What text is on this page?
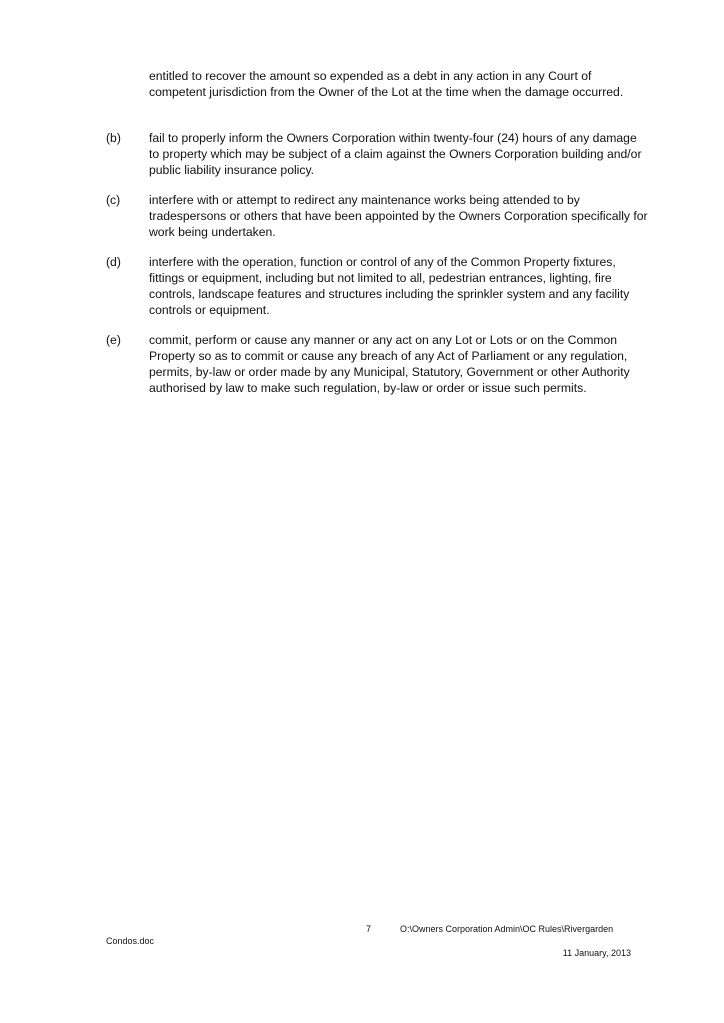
entitled to recover the amount so expended as a debt in any action in any Court of competent jurisdiction from the Owner of the Lot at the time when the damage occurred.

(b)	fail to properly inform the Owners Corporation within twenty-four (24) hours of any damage to property which may be subject of a claim against the Owners Corporation building and/or public liability insurance policy.
(c)	interfere with or attempt to redirect any maintenance works being attended to by tradespersons or others that have been appointed by the Owners Corporation specifically for work being undertaken.
(d)	interfere with the operation, function or control of any of the Common Property fixtures, fittings or equipment, including but not limited to all, pedestrian entrances, lighting, fire controls, landscape features and structures including the sprinkler system and any facility controls or equipment.
(e)	commit, perform or cause any manner or any act on any Lot or Lots or on the Common Property so as to commit or cause any breach of any Act of Parliament or any regulation, permits, by-law or order made by any Municipal, Statutory, Government or other Authority authorised by law to make such regulation, by-law or order or issue such permits.
7	O:\Owners Corporation Admin\OC Rules\Rivergarden
Condos.doc
11 January, 2013
